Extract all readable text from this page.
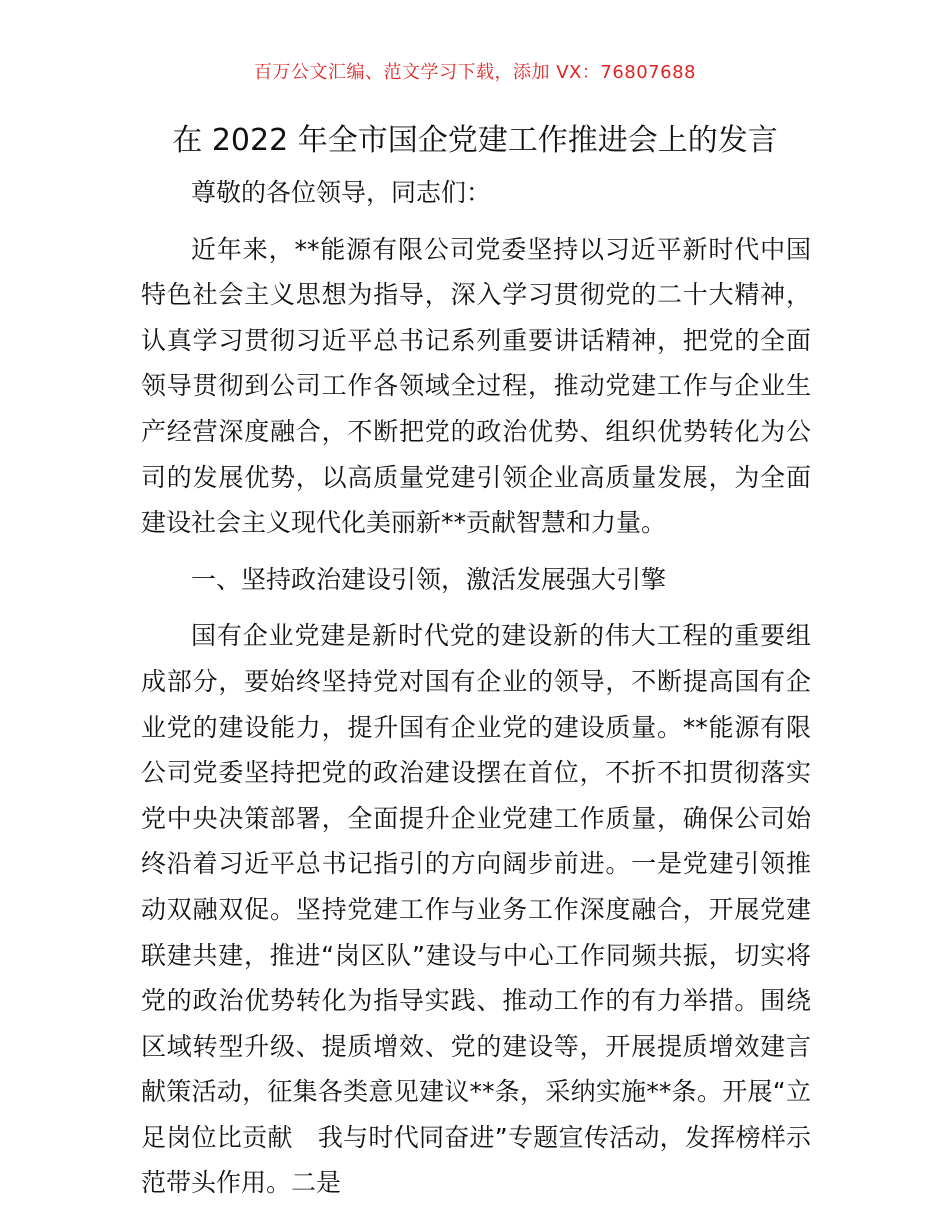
百万公文汇编、范文学习下载，添加 VX：76807688
在 2022 年全市国企党建工作推进会上的发言

尊敬的各位领导，同志们：

近年来，**能源有限公司党委坚持以习近平新时代中国特色社会主义思想为指导，深入学习贯彻党的二十大精神，认真学习贯彻习近平总书记系列重要讲话精神，把党的全面领导贯彻到公司工作各领域全过程，推动党建工作与企业生产经营深度融合，不断把党的政治优势、组织优势转化为公司的发展优势，以高质量党建引领企业高质量发展，为全面建设社会主义现代化美丽新**贡献智慧和力量。

一、坚持政治建设引领，激活发展强大引擎

国有企业党建是新时代党的建设新的伟大工程的重要组成部分，要始终坚持党对国有企业的领导，不断提高国有企业党的建设能力，提升国有企业党的建设质量。**能源有限公司党委坚持把党的政治建设摆在首位，不折不扣贯彻落实党中央决策部署，全面提升企业党建工作质量，确保公司始终沿着习近平总书记指引的方向阔步前进。一是党建引领推动双融双促。坚持党建工作与业务工作深度融合，开展党建联建共建，推进“岗区队”建设与中心工作同频共振，切实将党的政治优势转化为指导实践、推动工作的有力举措。围绕区域转型升级、提质增效、党的建设等，开展提质增效建言献策活动，征集各类意见建议**条，采纳实施**条。开展“立足岗位比贡献　我与时代同奋进”专题宣传活动，发挥榜样示范带头作用。二是
